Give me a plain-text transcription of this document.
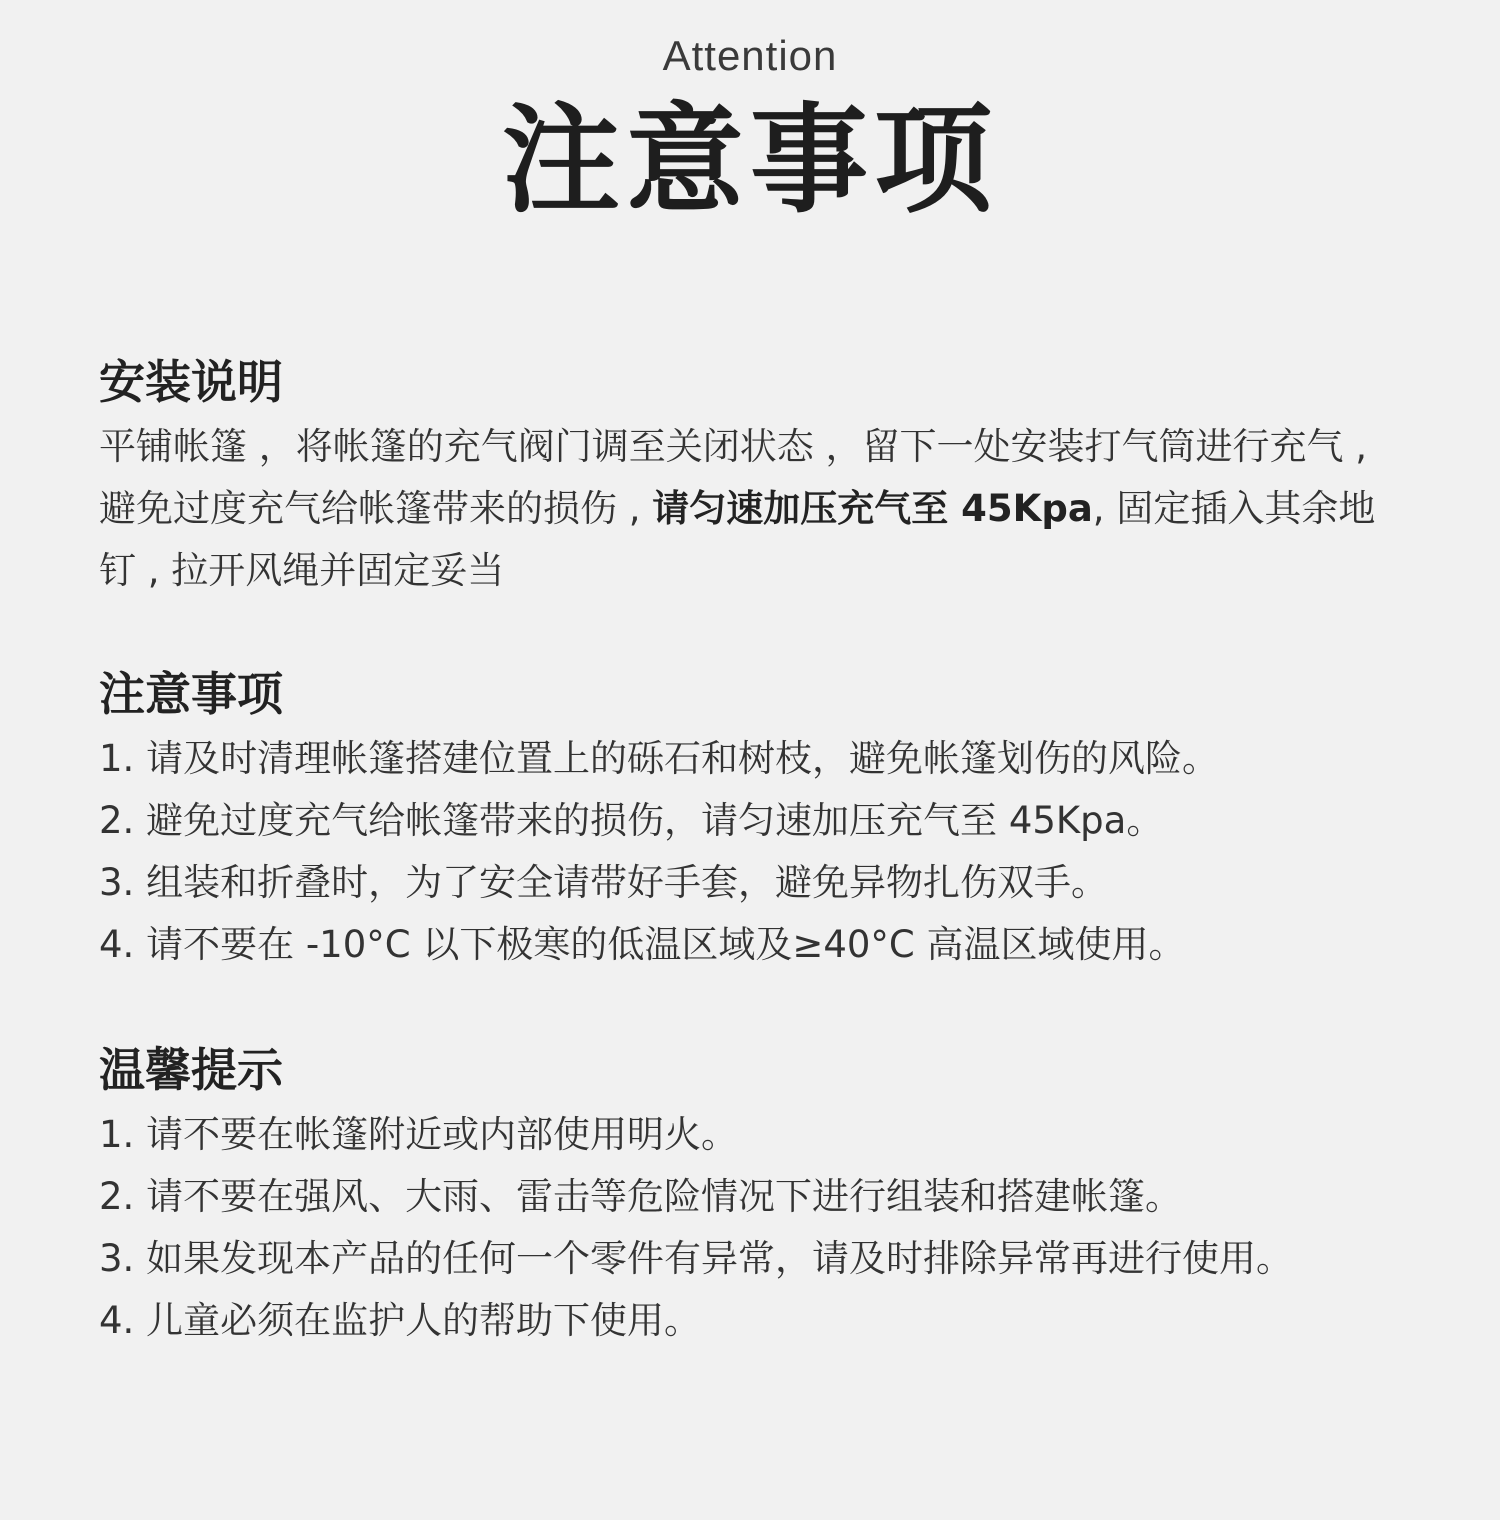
Attention

注意事项
安装说明

平铺帐篷 ，将帐篷的充气阀门调至关闭状态 ，留下一处安装打气筒进行充气 , 避免过度充气给帐篷带来的损伤 , 请匀速加压充气至 45Kpa, 固定插入其余地钉 , 拉开风绳并固定妥当

注意事项
1. 请及时清理帐篷搭建位置上的砾石和树枝，避免帐篷划伤的风险。
2. 避免过度充气给帐篷带来的损伤，请匀速加压充气至 45Kpa。
3. 组装和折叠时，为了安全请带好手套，避免异物扎伤双手。
4. 请不要在 -10°C 以下极寒的低温区域及≥40°C 高温区域使用。
温馨提示
1. 请不要在帐篷附近或内部使用明火。
2. 请不要在强风、大雨、雷击等危险情况下进行组装和搭建帐篷。
3. 如果发现本产品的任何一个零件有异常，请及时排除异常再进行使用。
4. 儿童必须在监护人的帮助下使用。
